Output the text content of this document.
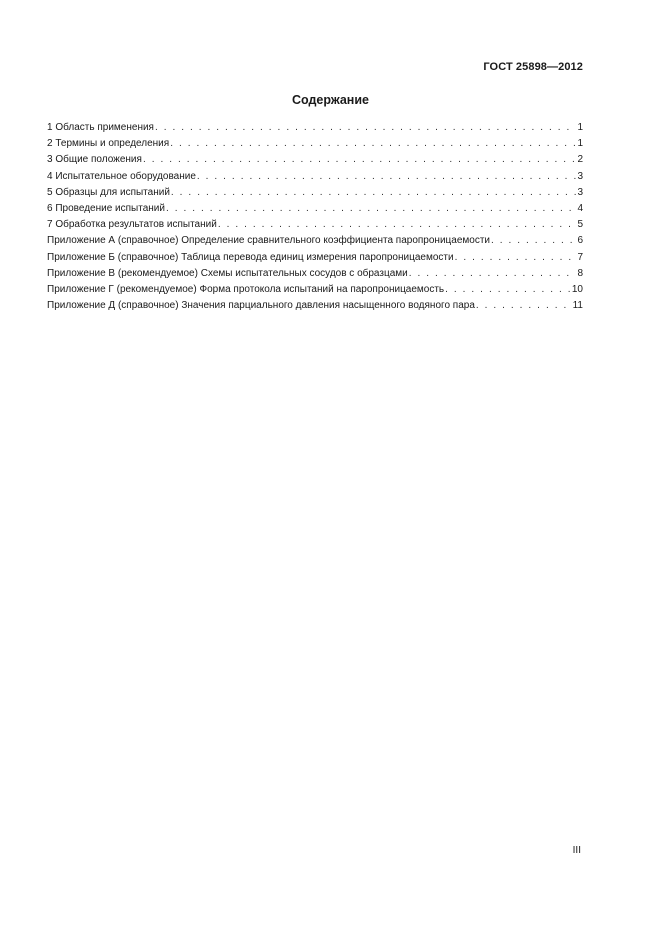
ГОСТ 25898—2012
Содержание
1 Область применения . . .	1
2 Термины и определения . . .	1
3 Общие положения . . .	2
4 Испытательное оборудование . . .	3
5 Образцы для испытаний . . .	3
6 Проведение испытаний . . .	4
7 Обработка результатов испытаний . . .	5
Приложение А (справочное) Определение сравнительного коэффициента паропроницаемости . . .	6
Приложение Б (справочное) Таблица перевода единиц измерения паропроницаемости . . .	7
Приложение В (рекомендуемое) Схемы испытательных сосудов с образцами . . .	8
Приложение Г (рекомендуемое) Форма протокола испытаний на паропроницаемость . . .	10
Приложение Д (справочное) Значения парциального давления насыщенного водяного пара . . .	11
III
